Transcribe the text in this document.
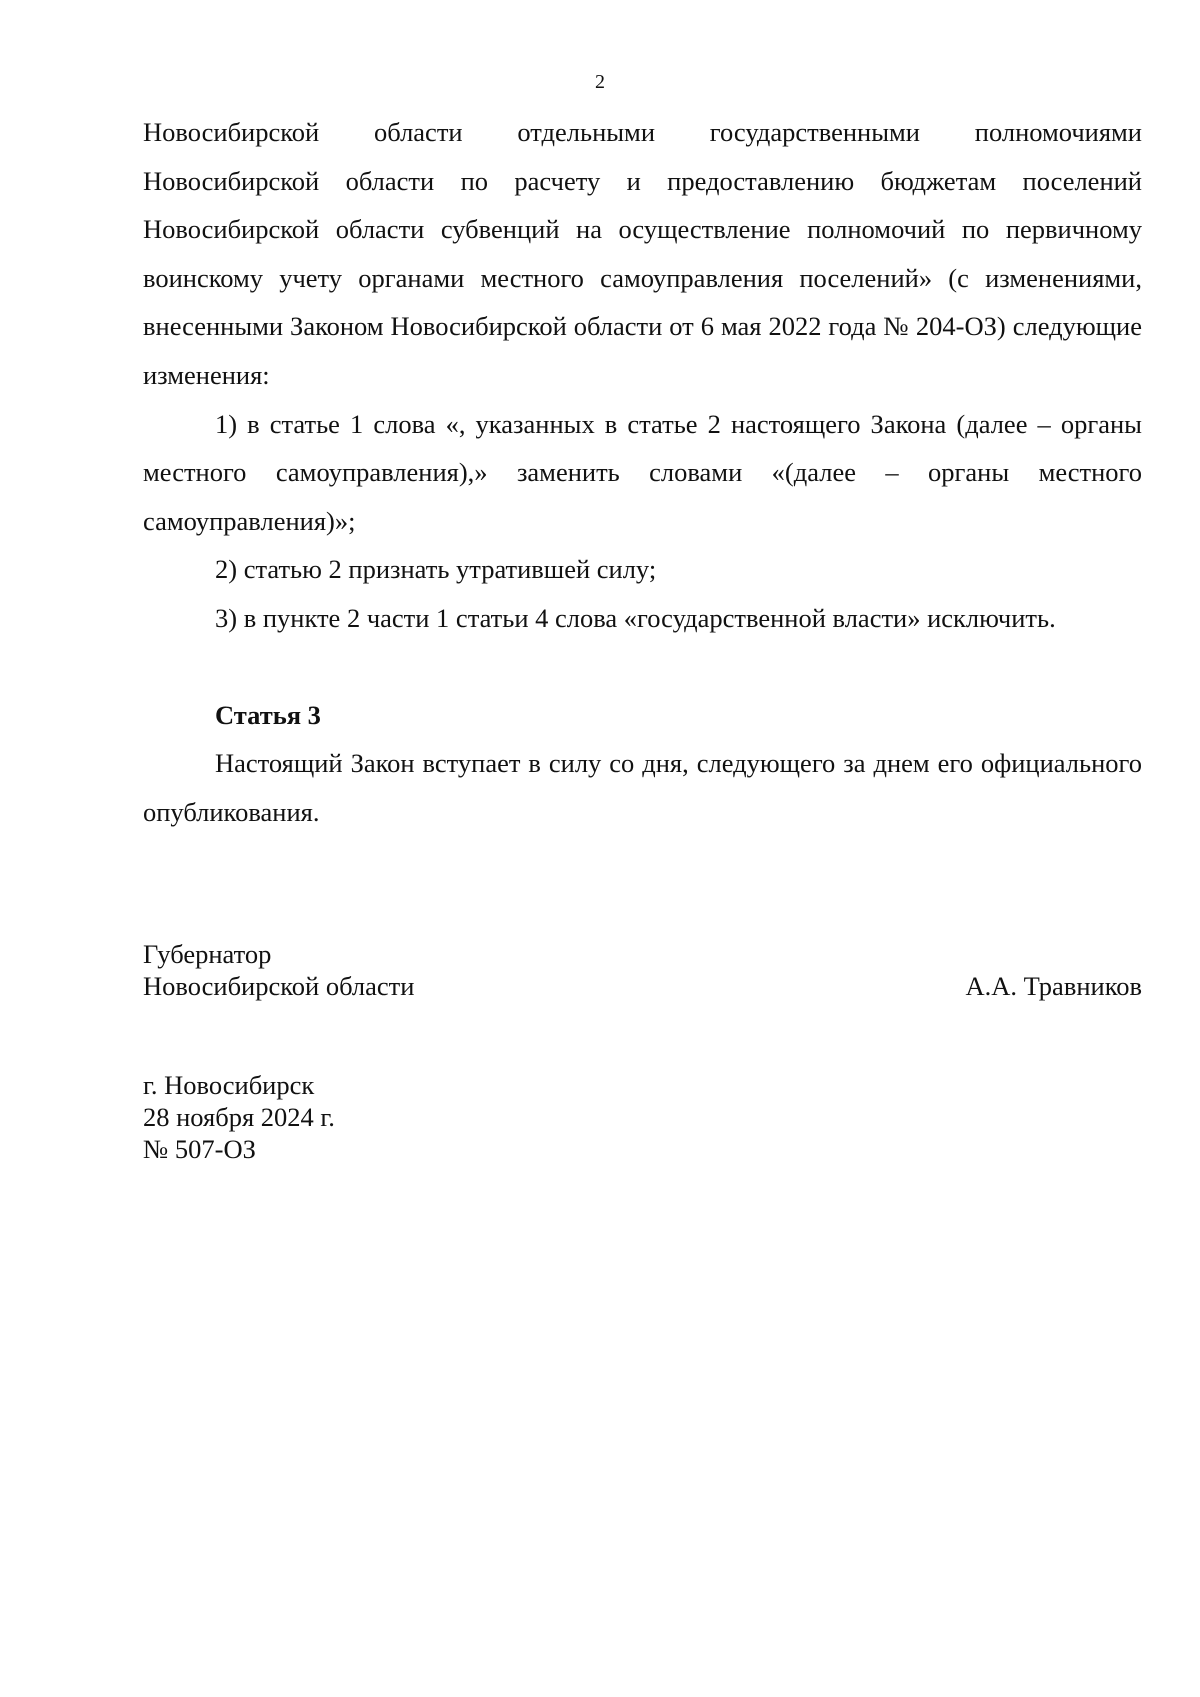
2

Новосибирской области отдельными государственными полномочиями

Новосибирской области по расчету и предоставлению бюджетам поселений Новосибирской области субвенций на осуществление полномочий по первичному воинскому учету органами местного самоуправления поселений» (с изменениями, внесенными Законом Новосибирской области от 6 мая 2022 года № 204-ОЗ) следующие изменения:

1) в статье 1 слова «, указанных в статье 2 настоящего Закона (далее – органы местного самоуправления),» заменить словами «(далее – органы местного самоуправления)»;

2) статью 2 признать утратившей силу;

3) в пункте 2 части 1 статьи 4 слова «государственной власти» исключить.

Статья 3

Настоящий Закон вступает в силу со дня, следующего за днем его официального опубликования.

Губернатор
Новосибирской области	А.А. Травников
г. Новосибирск
28 ноября 2024 г.
№ 507-ОЗ
